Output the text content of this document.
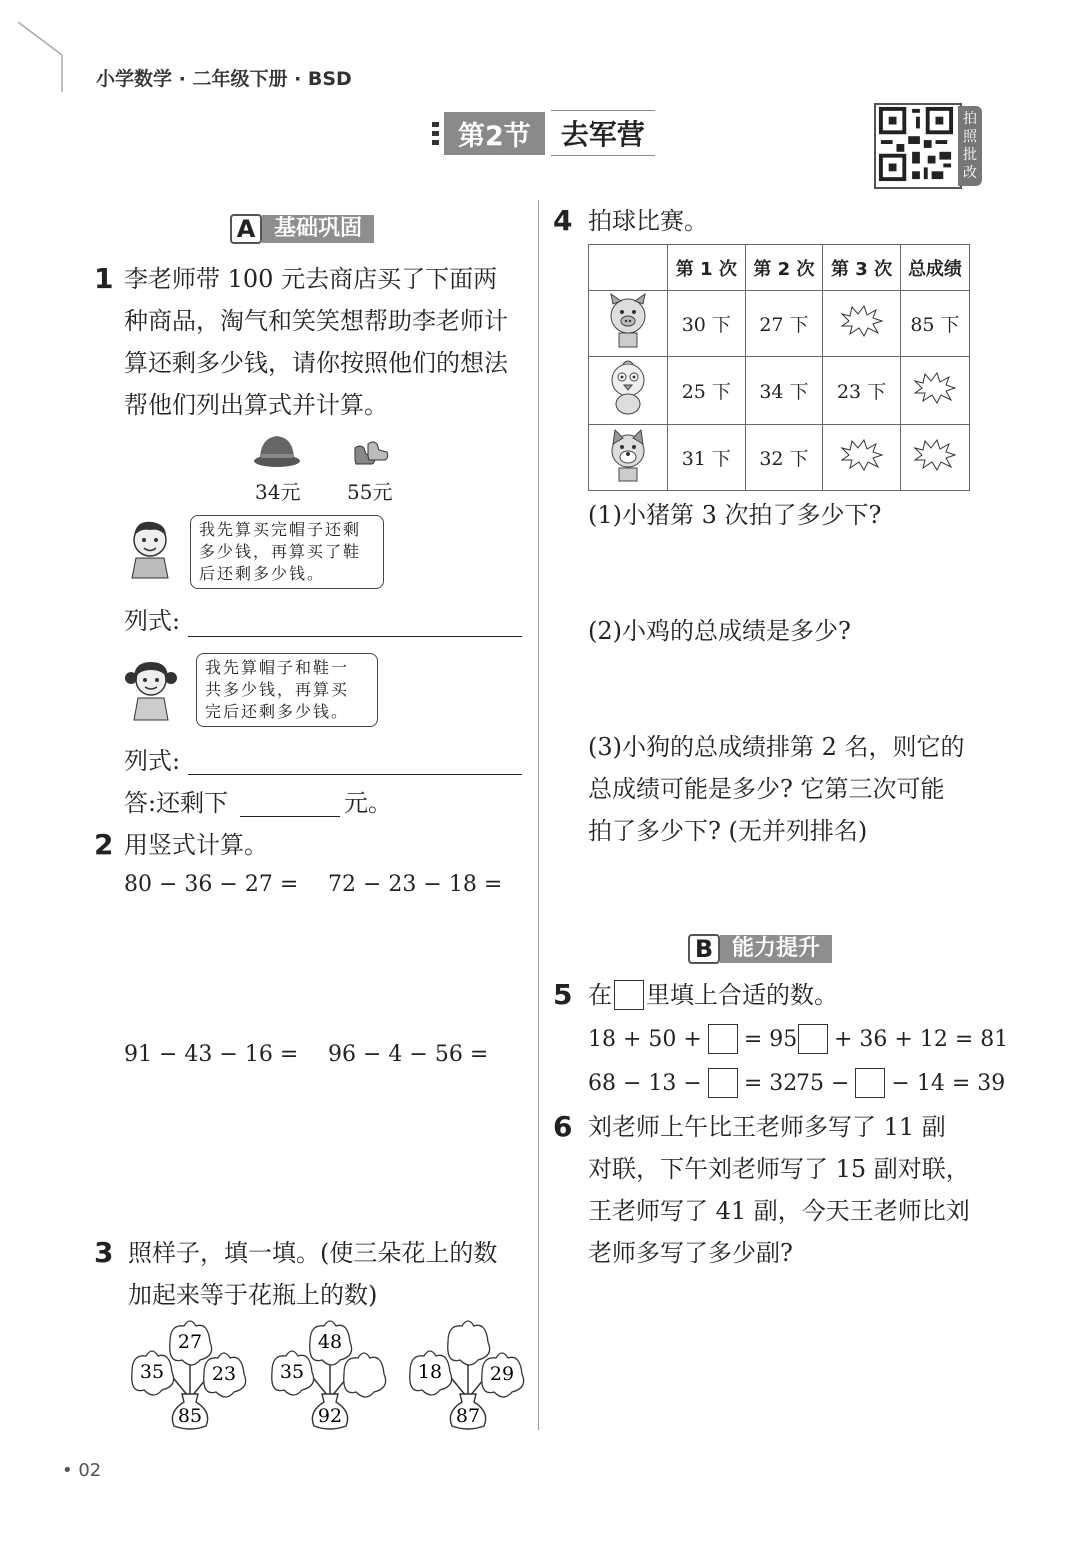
小学数学 · 二年级下册 · BSD
第2节	去军营	拍照批改
A 基础巩固
1 李老师带 100 元去商店买了下面两
种商品，淘气和笑笑想帮助李老师计
算还剩多少钱，请你按照他们的想法
帮他们列出算式并计算。
34元 55元
我先算买完帽子还剩
多少钱，再算买了鞋
后还剩多少钱。
列式:
我先算帽子和鞋一
共多少钱，再算买
完后还剩多少钱。
列式:
答:还剩下	元。
2 用竖式计算。
80 − 36 − 27 = 72 − 23 − 18 =
91 − 43 − 16 = 96 − 4 − 56 =
3 照样子，填一填。(使三朵花上的数
加起来等于花瓶上的数)
27
35	23
85
48
35
92
18	29
87
4 拍球比赛。
	第 1 次	第 2 次	第 3 次	总成绩
	30 下	27 下		85 下
	25 下	34 下	23 下	
	31 下	32 下		
(1)小猪第 3 次拍了多少下?
(2)小鸡的总成绩是多少?
(3)小狗的总成绩排第 2 名，则它的
总成绩可能是多少? 它第三次可能
拍了多少下? (无并列排名)
B 能力提升
5 在 里填上合适的数。
18 + 50 + = 95 + 36 + 12 = 81
68 − 13 − = 32
75 − − 14 = 39
6 刘老师上午比王老师多写了 11 副
对联，下午刘老师写了 15 副对联，
王老师写了 41 副，今天王老师比刘
老师多写了多少副?
• 02
